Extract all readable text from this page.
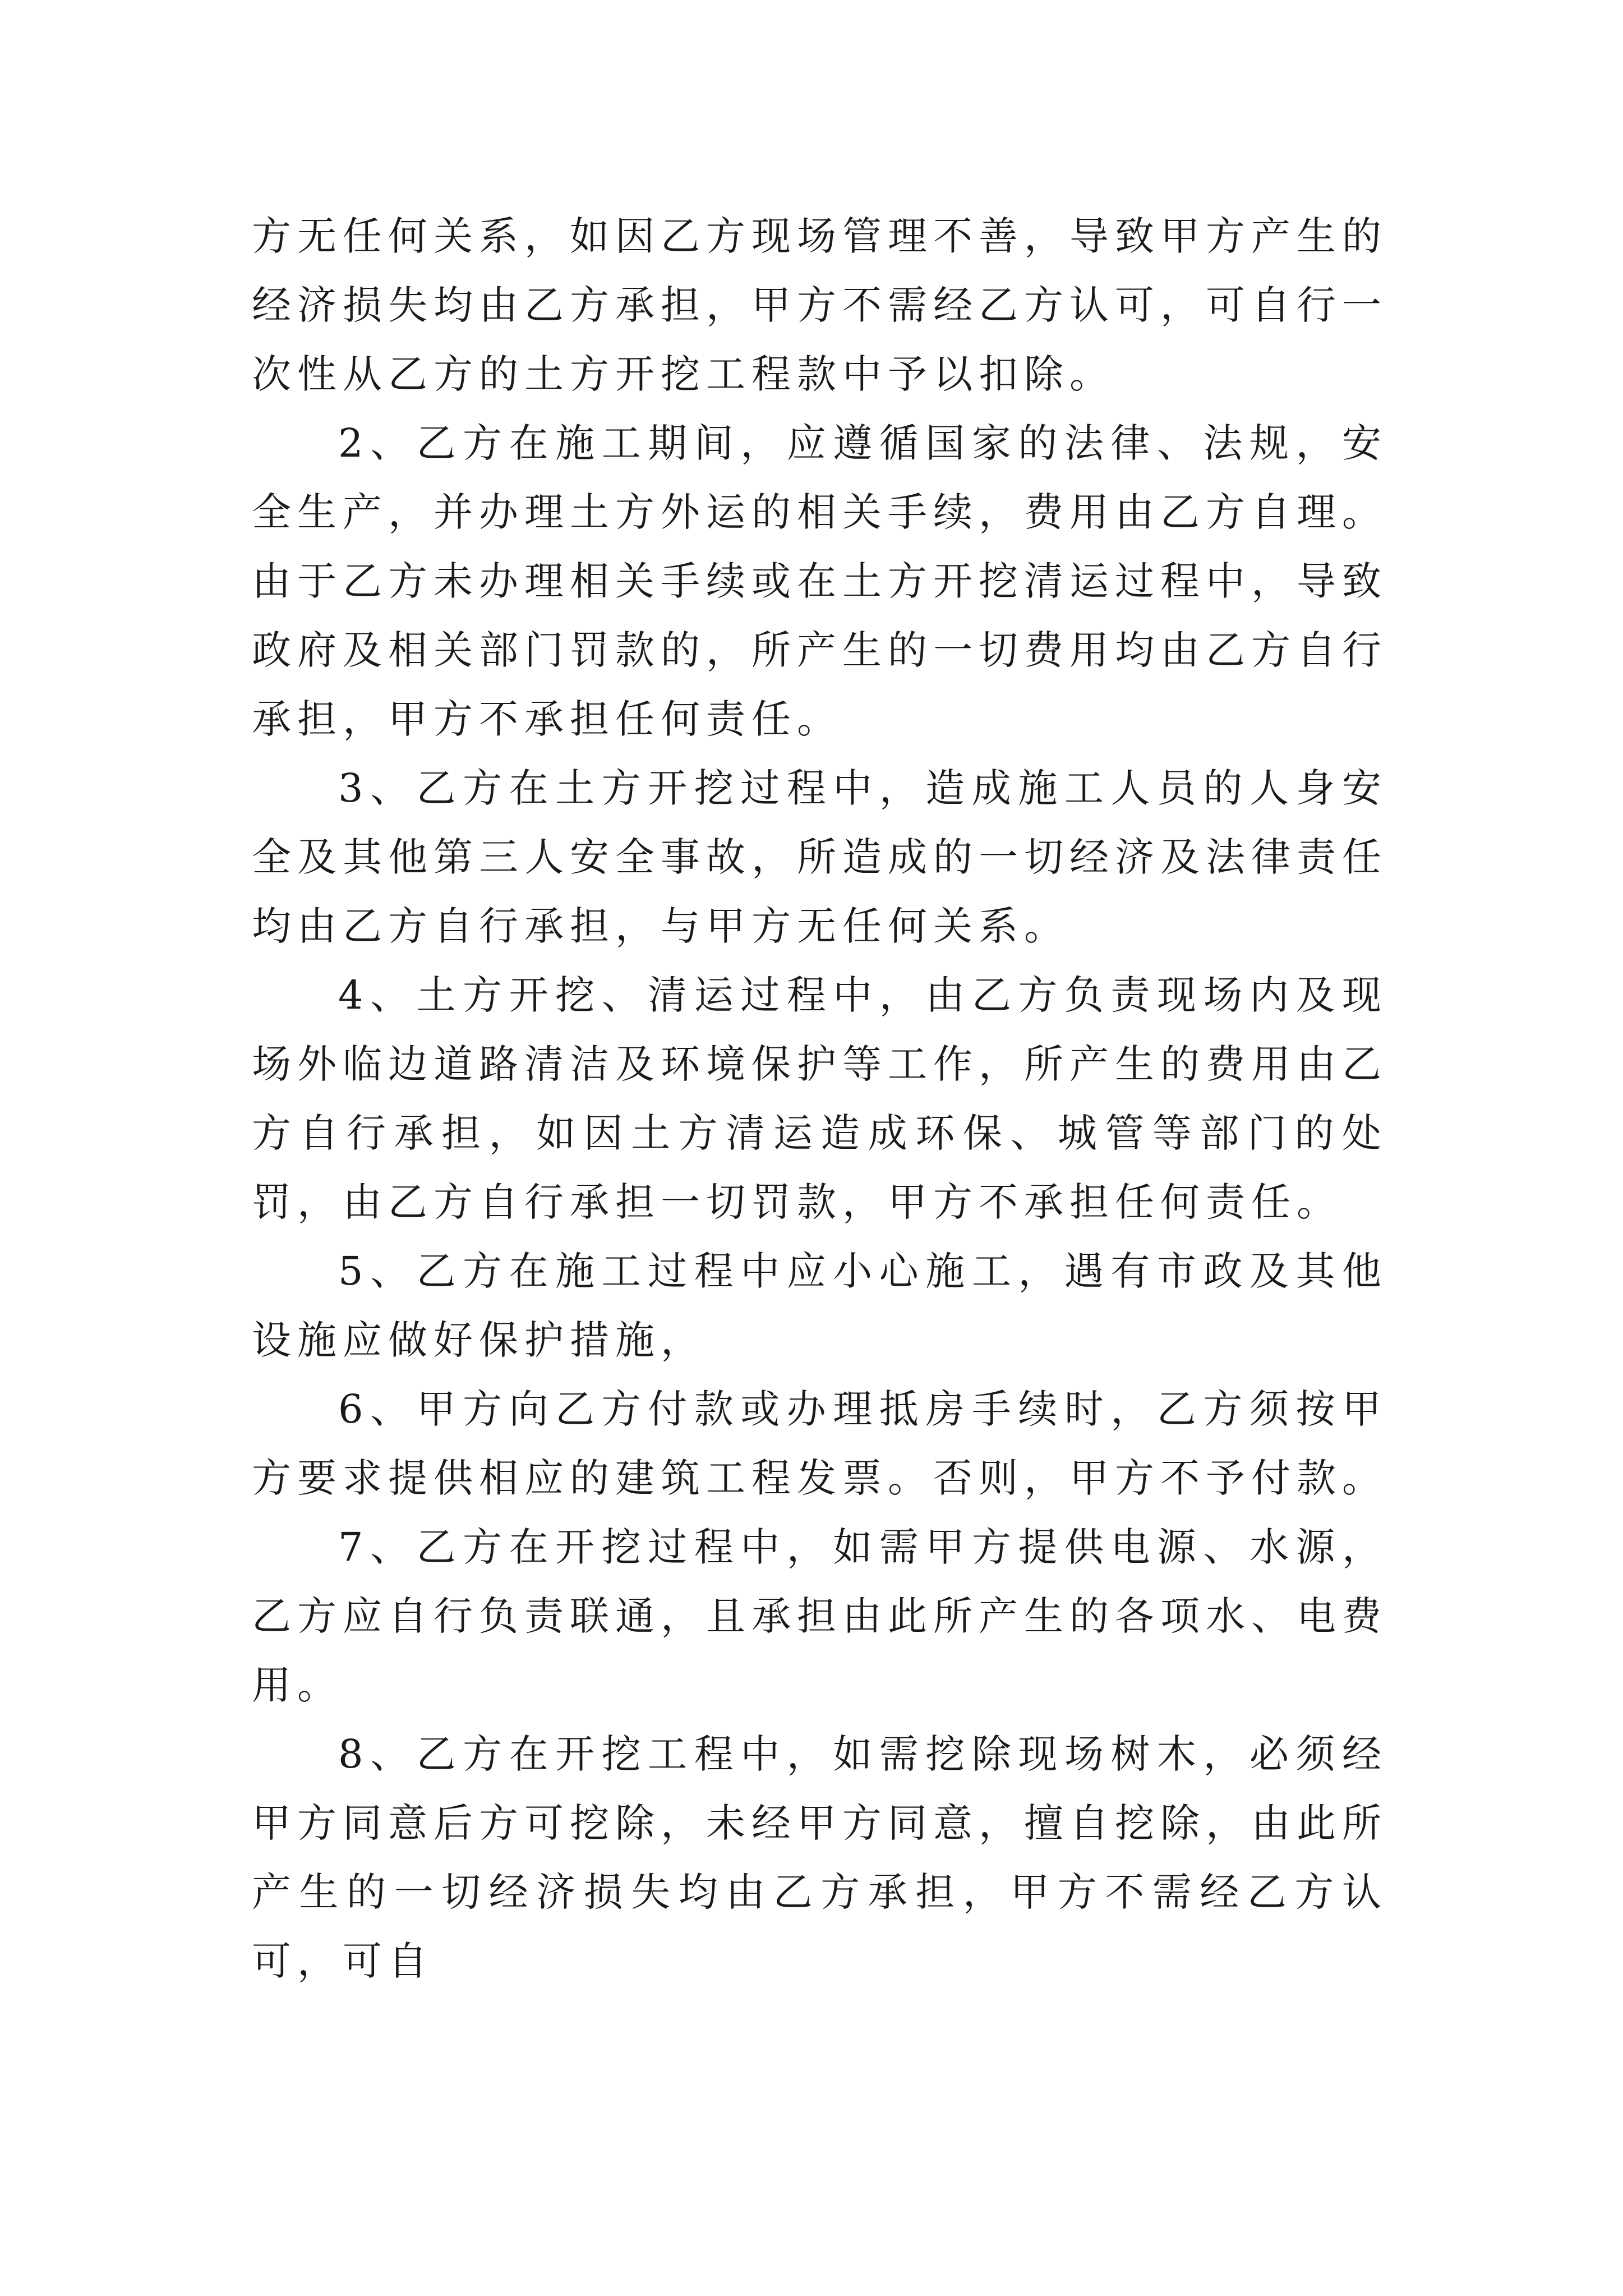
方无任何关系，如因乙方现场管理不善，导致甲方产生的经济损失均由乙方承担，甲方不需经乙方认可，可自行一次性从乙方的土方开挖工程款中予以扣除。

2、乙方在施工期间，应遵循国家的法律、法规，安全生产，并办理土方外运的相关手续，费用由乙方自理。由于乙方未办理相关手续或在土方开挖清运过程中，导致政府及相关部门罚款的，所产生的一切费用均由乙方自行承担，甲方不承担任何责任。

3、乙方在土方开挖过程中，造成施工人员的人身安全及其他第三人安全事故，所造成的一切经济及法律责任均由乙方自行承担，与甲方无任何关系。

4、土方开挖、清运过程中，由乙方负责现场内及现场外临边道路清洁及环境保护等工作，所产生的费用由乙方自行承担，如因土方清运造成环保、城管等部门的处罚，由乙方自行承担一切罚款，甲方不承担任何责任。

5、乙方在施工过程中应小心施工，遇有市政及其他设施应做好保护措施，

6、甲方向乙方付款或办理抵房手续时，乙方须按甲方要求提供相应的建筑工程发票。否则，甲方不予付款。

7、乙方在开挖过程中，如需甲方提供电源、水源，乙方应自行负责联通，且承担由此所产生的各项水、电费用。

8、乙方在开挖工程中，如需挖除现场树木，必须经甲方同意后方可挖除，未经甲方同意，擅自挖除，由此所产生的一切经济损失均由乙方承担，甲方不需经乙方认可，可自
